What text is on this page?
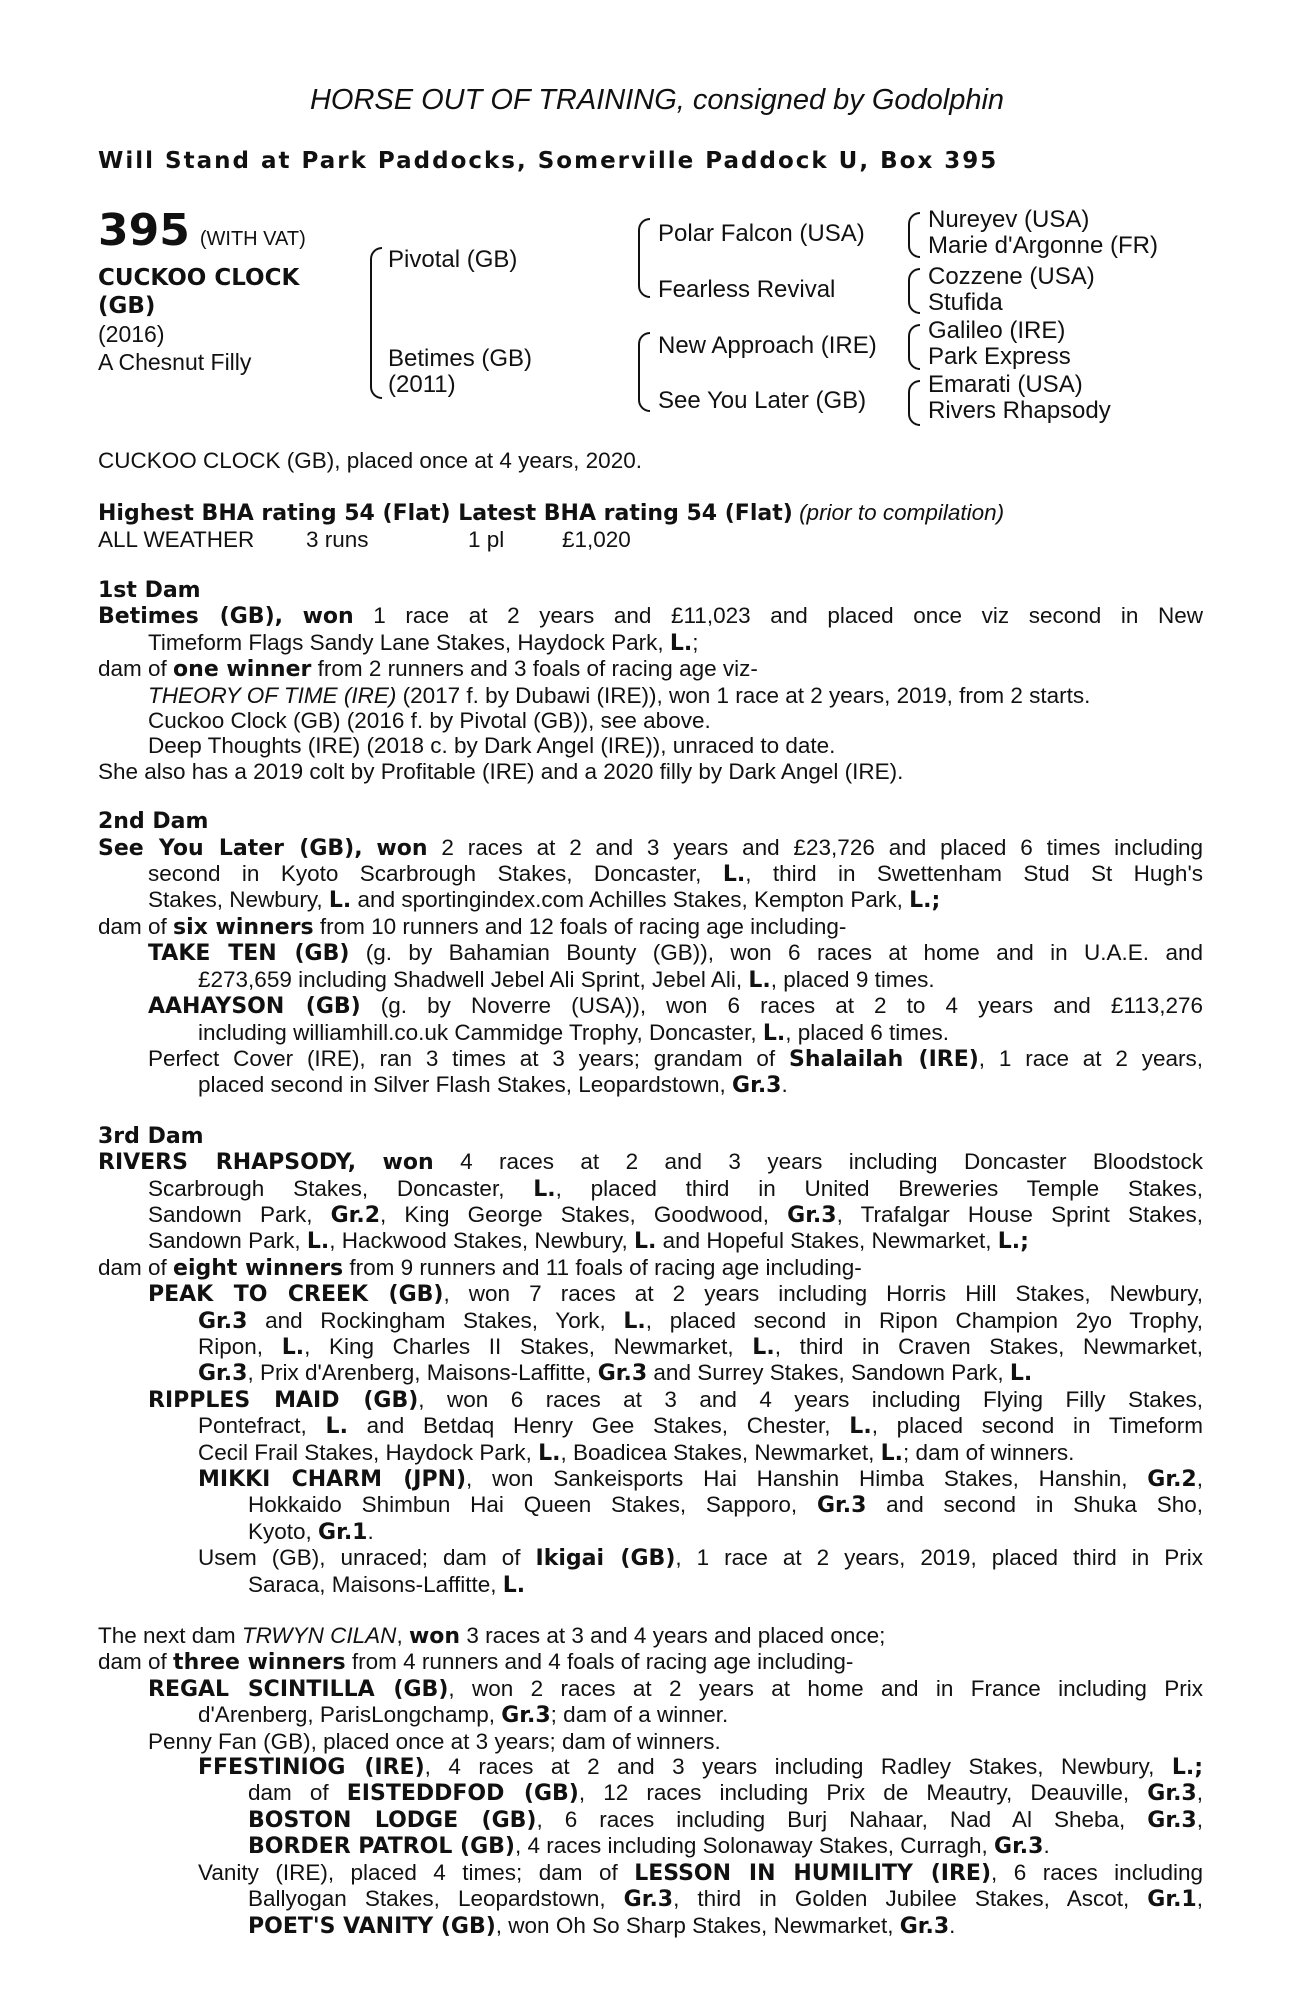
HORSE OUT OF TRAINING, consigned by Godolphin
Will Stand at Park Paddocks, Somerville Paddock U, Box 395
395 (WITH VAT)
CUCKOO CLOCK
(GB)
(2016)
A Chesnut Filly
Pivotal (GB)
Betimes (GB)
(2011)
Polar Falcon (USA)
Fearless Revival
New Approach (IRE)
See You Later (GB)
Nureyev (USA)
Marie d'Argonne (FR)
Cozzene (USA)
Stufida
Galileo (IRE)
Park Express
Emarati (USA)
Rivers Rhapsody
CUCKOO CLOCK (GB), placed once at 4 years, 2020.
Highest BHA rating 54 (Flat) Latest BHA rating 54 (Flat) (prior to compilation)
ALL WEATHER 3 runs	1 pl	£1,020

1st Dam

Betimes (GB), won 1 race at 2 years and £11,023 and placed once viz second in New

Timeform Flags Sandy Lane Stakes, Haydock Park, L.;

dam of one winner from 2 runners and 3 foals of racing age viz-

THEORY OF TIME (IRE) (2017 f. by Dubawi (IRE)), won 1 race at 2 years, 2019, from 2 starts.

Cuckoo Clock (GB) (2016 f. by Pivotal (GB)), see above.

Deep Thoughts (IRE) (2018 c. by Dark Angel (IRE)), unraced to date.

She also has a 2019 colt by Profitable (IRE) and a 2020 filly by Dark Angel (IRE).

2nd Dam

See You Later (GB), won 2 races at 2 and 3 years and £23,726 and placed 6 times including

second in Kyoto Scarbrough Stakes, Doncaster, L., third in Swettenham Stud St Hugh's

Stakes, Newbury, L. and sportingindex.com Achilles Stakes, Kempton Park, L.;

dam of six winners from 10 runners and 12 foals of racing age including-

TAKE TEN (GB) (g. by Bahamian Bounty (GB)), won 6 races at home and in U.A.E. and

£273,659 including Shadwell Jebel Ali Sprint, Jebel Ali, L., placed 9 times.

AAHAYSON (GB) (g. by Noverre (USA)), won 6 races at 2 to 4 years and £113,276

including williamhill.co.uk Cammidge Trophy, Doncaster, L., placed 6 times.

Perfect Cover (IRE), ran 3 times at 3 years; grandam of Shalailah (IRE), 1 race at 2 years,

placed second in Silver Flash Stakes, Leopardstown, Gr.3.

3rd Dam

RIVERS RHAPSODY, won 4 races at 2 and 3 years including Doncaster Bloodstock

Scarbrough Stakes, Doncaster, L., placed third in United Breweries Temple Stakes,

Sandown Park, Gr.2, King George Stakes, Goodwood, Gr.3, Trafalgar House Sprint Stakes,

Sandown Park, L., Hackwood Stakes, Newbury, L. and Hopeful Stakes, Newmarket, L.;

dam of eight winners from 9 runners and 11 foals of racing age including-

PEAK TO CREEK (GB), won 7 races at 2 years including Horris Hill Stakes, Newbury,

Gr.3 and Rockingham Stakes, York, L., placed second in Ripon Champion 2yo Trophy,

Ripon, L., King Charles II Stakes, Newmarket, L., third in Craven Stakes, Newmarket,

Gr.3, Prix d'Arenberg, Maisons-Laffitte, Gr.3 and Surrey Stakes, Sandown Park, L.

RIPPLES MAID (GB), won 6 races at 3 and 4 years including Flying Filly Stakes,

Pontefract, L. and Betdaq Henry Gee Stakes, Chester, L., placed second in Timeform

Cecil Frail Stakes, Haydock Park, L., Boadicea Stakes, Newmarket, L.; dam of winners.

MIKKI CHARM (JPN), won Sankeisports Hai Hanshin Himba Stakes, Hanshin, Gr.2,

Hokkaido Shimbun Hai Queen Stakes, Sapporo, Gr.3 and second in Shuka Sho,

Kyoto, Gr.1.

Usem (GB), unraced; dam of Ikigai (GB), 1 race at 2 years, 2019, placed third in Prix

Saraca, Maisons-Laffitte, L.

The next dam TRWYN CILAN, won 3 races at 3 and 4 years and placed once;

dam of three winners from 4 runners and 4 foals of racing age including-

REGAL SCINTILLA (GB), won 2 races at 2 years at home and in France including Prix

d'Arenberg, ParisLongchamp, Gr.3; dam of a winner.

Penny Fan (GB), placed once at 3 years; dam of winners.

FFESTINIOG (IRE), 4 races at 2 and 3 years including Radley Stakes, Newbury, L.;

dam of EISTEDDFOD (GB), 12 races including Prix de Meautry, Deauville, Gr.3,

BOSTON LODGE (GB), 6 races including Burj Nahaar, Nad Al Sheba, Gr.3,

BORDER PATROL (GB), 4 races including Solonaway Stakes, Curragh, Gr.3.

Vanity (IRE), placed 4 times; dam of LESSON IN HUMILITY (IRE), 6 races including

Ballyogan Stakes, Leopardstown, Gr.3, third in Golden Jubilee Stakes, Ascot, Gr.1,

POET'S VANITY (GB), won Oh So Sharp Stakes, Newmarket, Gr.3.
